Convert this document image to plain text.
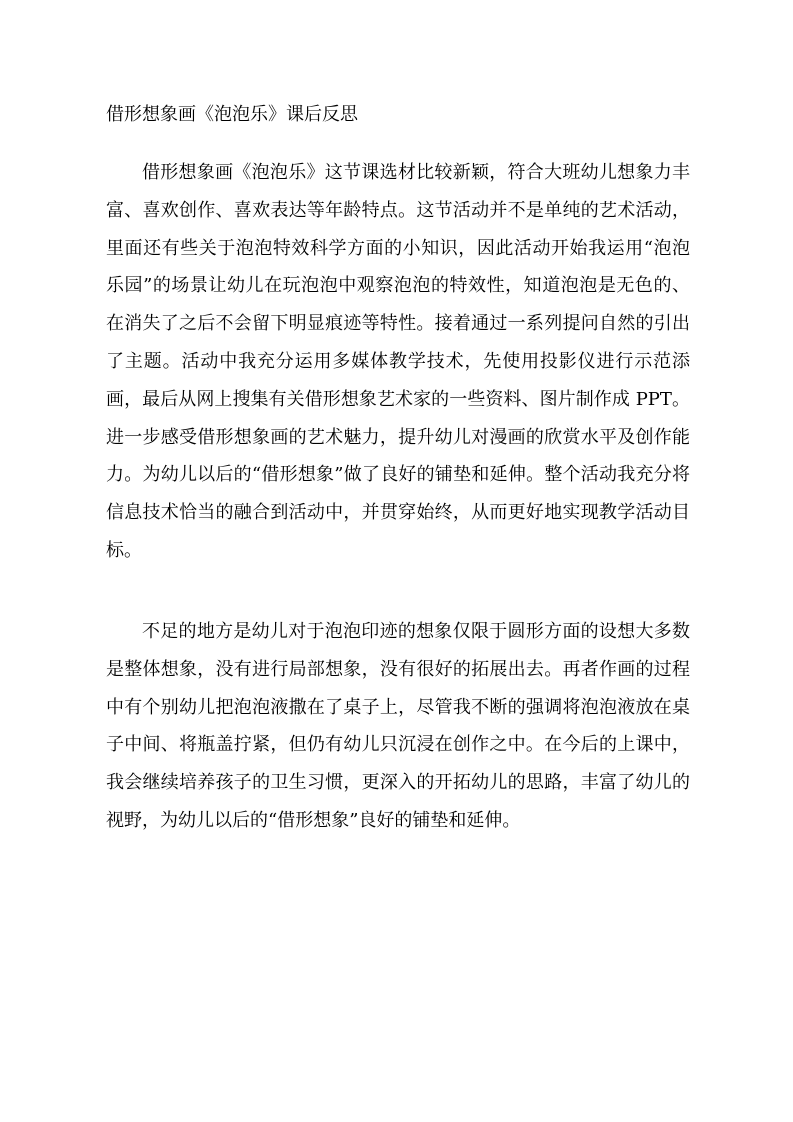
借形想象画《泡泡乐》课后反思

借形想象画《泡泡乐》这节课选材比较新颖，符合大班幼儿想象力丰富、喜欢创作、喜欢表达等年龄特点。这节活动并不是单纯的艺术活动，里面还有些关于泡泡特效科学方面的小知识，因此活动开始我运用“泡泡乐园”的场景让幼儿在玩泡泡中观察泡泡的特效性，知道泡泡是无色的、在消失了之后不会留下明显痕迹等特性。接着通过一系列提问自然的引出了主题。活动中我充分运用多媒体教学技术，先使用投影仪进行示范添画，最后从网上搜集有关借形想象艺术家的一些资料、图片制作成 PPT。进一步感受借形想象画的艺术魅力，提升幼儿对漫画的欣赏水平及创作能力。为幼儿以后的“借形想象”做了良好的铺垫和延伸。整个活动我充分将信息技术恰当的融合到活动中，并贯穿始终，从而更好地实现教学活动目标。

不足的地方是幼儿对于泡泡印迹的想象仅限于圆形方面的设想大多数是整体想象，没有进行局部想象，没有很好的拓展出去。再者作画的过程中有个别幼儿把泡泡液撒在了桌子上，尽管我不断的强调将泡泡液放在桌子中间、将瓶盖拧紧，但仍有幼儿只沉浸在创作之中。在今后的上课中，我会继续培养孩子的卫生习惯，更深入的开拓幼儿的思路，丰富了幼儿的视野，为幼儿以后的“借形想象”良好的铺垫和延伸。
